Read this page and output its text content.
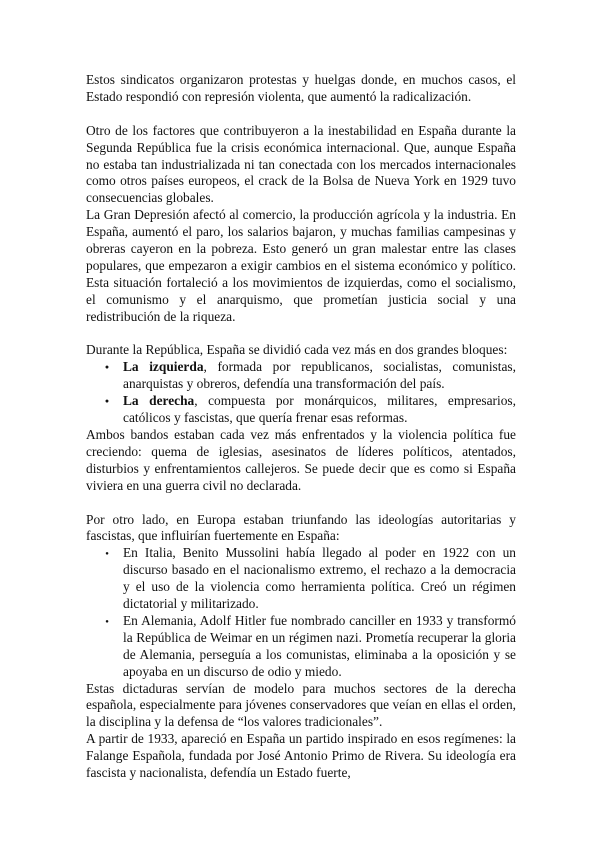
Estos sindicatos organizaron protestas y huelgas donde, en muchos casos, el Estado respondió con represión violenta, que aumentó la radicalización.

Otro de los factores que contribuyeron a la inestabilidad en España durante la Segunda República fue la crisis económica internacional. Que, aunque España no estaba tan industrializada ni tan conectada con los mercados internacionales como otros países europeos, el crack de la Bolsa de Nueva York en 1929 tuvo consecuencias globales.

La Gran Depresión afectó al comercio, la producción agrícola y la industria. En España, aumentó el paro, los salarios bajaron, y muchas familias campesinas y obreras cayeron en la pobreza. Esto generó un gran malestar entre las clases populares, que empezaron a exigir cambios en el sistema económico y político. Esta situación fortaleció a los movimientos de izquierdas, como el socialismo, el comunismo y el anarquismo, que prometían justicia social y una redistribución de la riqueza.

Durante la República, España se dividió cada vez más en dos grandes bloques:

●
La izquierda, formada por republicanos, socialistas, comunistas, anarquistas y obreros, defendía una transformación del país.
●
La derecha, compuesta por monárquicos, militares, empresarios, católicos y fascistas, que quería frenar esas reformas.

Ambos bandos estaban cada vez más enfrentados y la violencia política fue creciendo: quema de iglesias, asesinatos de líderes políticos, atentados, disturbios y enfrentamientos callejeros. Se puede decir que es como si España viviera en una guerra civil no declarada.

Por otro lado, en Europa estaban triunfando las ideologías autoritarias y fascistas, que influirían fuertemente en España:

●
En Italia, Benito Mussolini había llegado al poder en 1922 con un discurso basado en el nacionalismo extremo, el rechazo a la democracia y el uso de la violencia como herramienta política. Creó un régimen dictatorial y militarizado.
●
En Alemania, Adolf Hitler fue nombrado canciller en 1933 y transformó la República de Weimar en un régimen nazi. Prometía recuperar la gloria de Alemania, perseguía a los comunistas, eliminaba a la oposición y se apoyaba en un discurso de odio y miedo.

Estas dictaduras servían de modelo para muchos sectores de la derecha española, especialmente para jóvenes conservadores que veían en ellas el orden, la disciplina y la defensa de “los valores tradicionales”.

A partir de 1933, apareció en España un partido inspirado en esos regímenes: la Falange Española, fundada por José Antonio Primo de Rivera. Su ideología era fascista y nacionalista, defendía un Estado fuerte,
